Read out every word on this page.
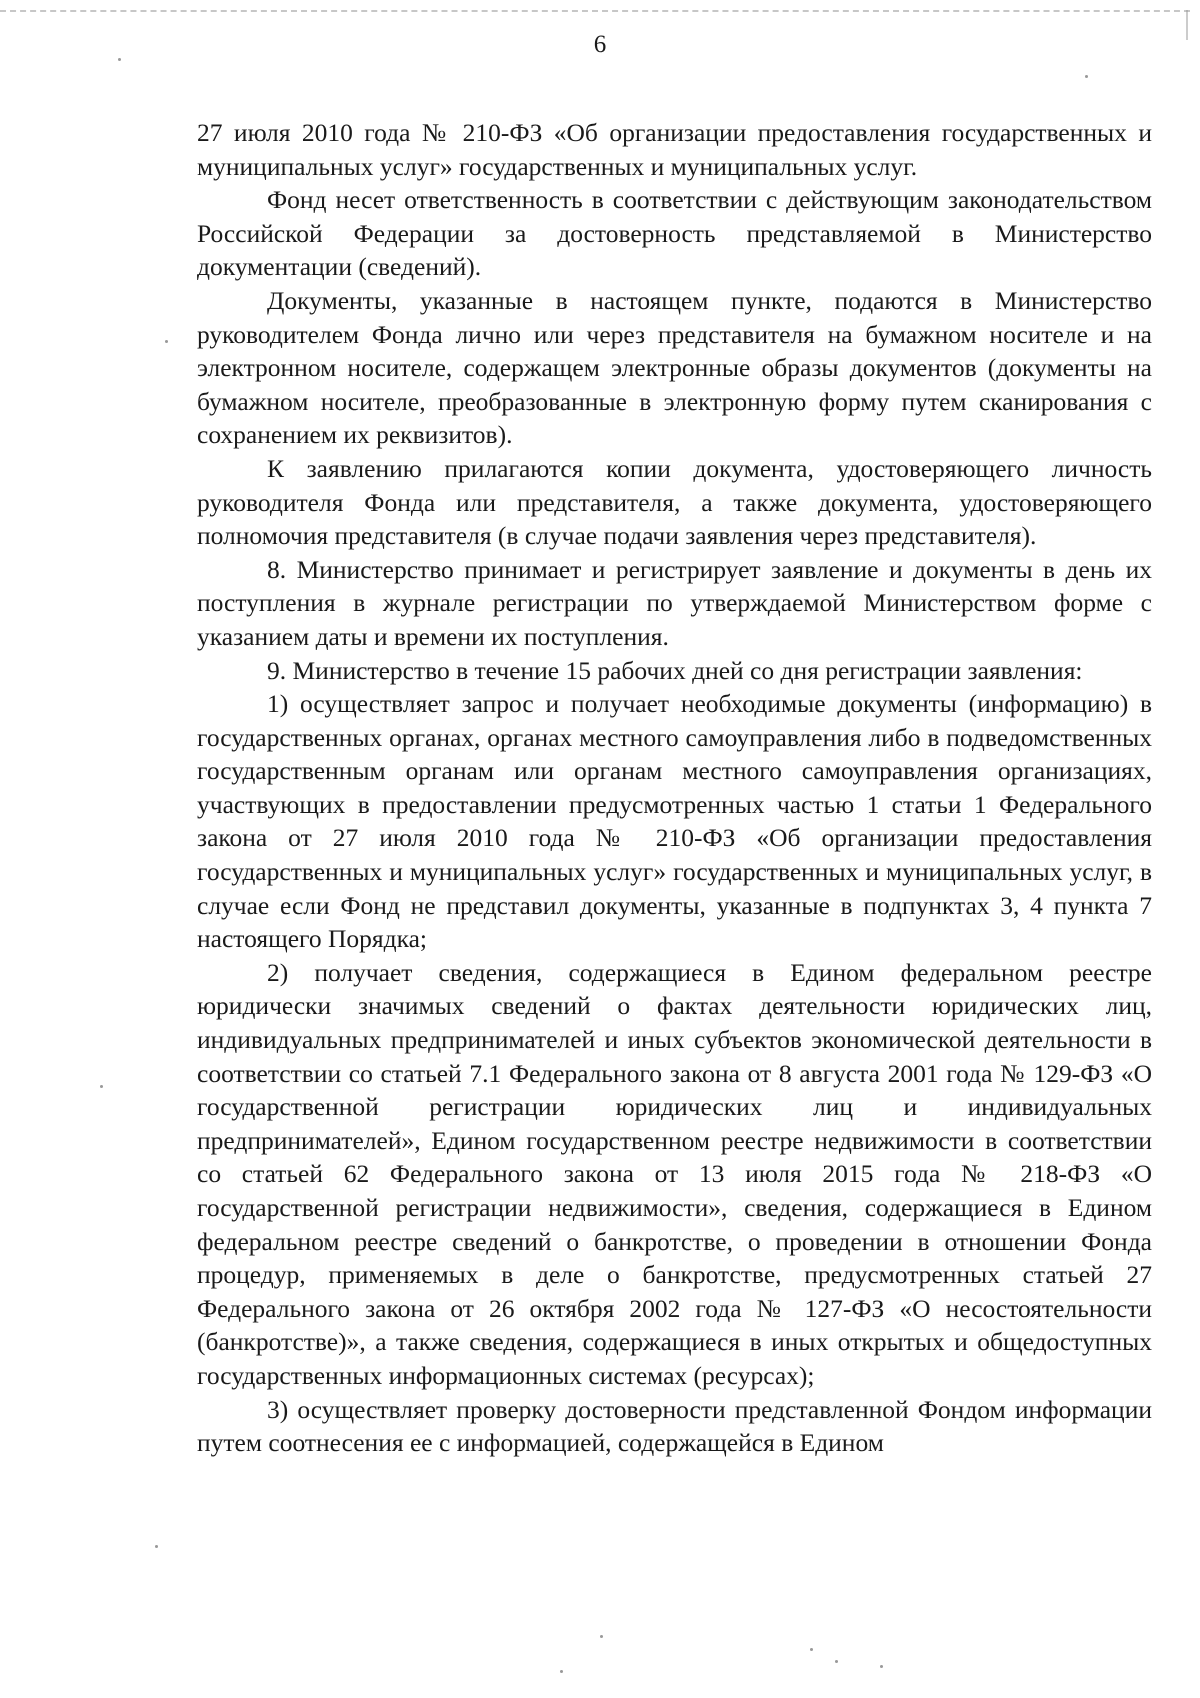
6

27 июля 2010 года № 210-ФЗ «Об организации предоставления государственных и муниципальных услуг» государственных и муниципальных услуг.

Фонд несет ответственность в соответствии с действующим законодательством Российской Федерации за достоверность представляемой в Министерство документации (сведений).

Документы, указанные в настоящем пункте, подаются в Министерство руководителем Фонда лично или через представителя на бумажном носителе и на электронном носителе, содержащем электронные образы документов (документы на бумажном носителе, преобразованные в электронную форму путем сканирования с сохранением их реквизитов).

К заявлению прилагаются копии документа, удостоверяющего личность руководителя Фонда или представителя, а также документа, удостоверяющего полномочия представителя (в случае подачи заявления через представителя).

8. Министерство принимает и регистрирует заявление и документы в день их поступления в журнале регистрации по утверждаемой Министерством форме с указанием даты и времени их поступления.

9. Министерство в течение 15 рабочих дней со дня регистрации заявления:

1) осуществляет запрос и получает необходимые документы (информацию) в государственных органах, органах местного самоуправления либо в подведомственных государственным органам или органам местного самоуправления организациях, участвующих в предоставлении предусмотренных частью 1 статьи 1 Федерального закона от 27 июля 2010 года № 210-ФЗ «Об организации предоставления государственных и муниципальных услуг» государственных и муниципальных услуг, в случае если Фонд не представил документы, указанные в подпунктах 3, 4 пункта 7 настоящего Порядка;

2) получает сведения, содержащиеся в Едином федеральном реестре юридически значимых сведений о фактах деятельности юридических лиц, индивидуальных предпринимателей и иных субъектов экономической деятельности в соответствии со статьей 7.1 Федерального закона от 8 августа 2001 года № 129-ФЗ «О государственной регистрации юридических лиц и индивидуальных предпринимателей», Едином государственном реестре недвижимости в соответствии со статьей 62 Федерального закона от 13 июля 2015 года № 218-ФЗ «О государственной регистрации недвижимости», сведения, содержащиеся в Едином федеральном реестре сведений о банкротстве, о проведении в отношении Фонда процедур, применяемых в деле о банкротстве, предусмотренных статьей 27 Федерального закона от 26 октября 2002 года № 127-ФЗ «О несостоятельности (банкротстве)», а также сведения, содержащиеся в иных открытых и общедоступных государственных информационных системах (ресурсах);

3) осуществляет проверку достоверности представленной Фондом информации путем соотнесения ее с информацией, содержащейся в Едином
